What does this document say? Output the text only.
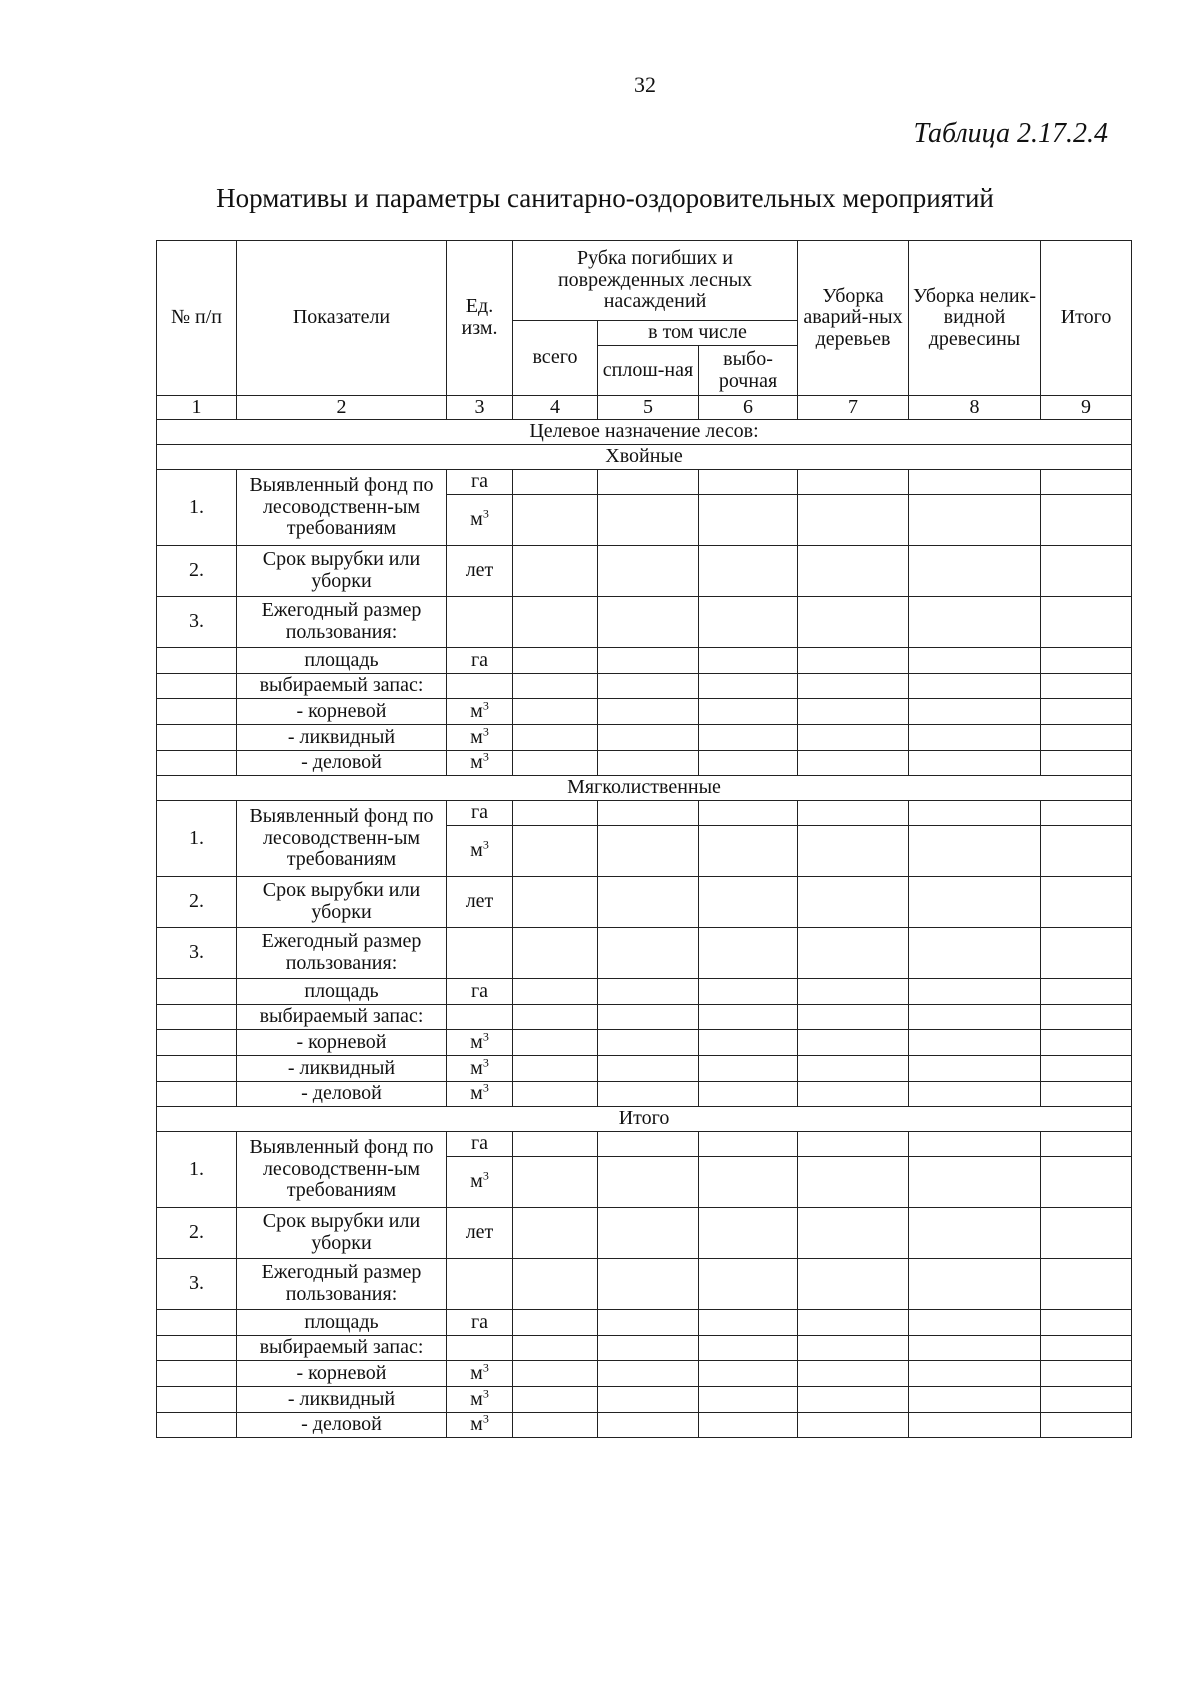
32
Таблица 2.17.2.4
Нормативы и параметры санитарно-оздоровительных мероприятий
№ п/п	Показатели	Ед. изм.	Рубка погибших и поврежденных лесных насаждений			Уборка аварий-ных деревьев	Уборка нелик-видной древесины	Итого
			всего	в том числе				
				сплош-ная	выбо-рочная			
1	2	3	4	5	6	7	8	9
Целевое назначение лесов:								
Хвойные								
1.	Выявленный фонд по лесоводственн-ым требованиям	га						
		$м^3$						
2.	Срок вырубки или уборки	лет						
3.	Ежегодный размер пользования:							
	площадь	га						
	выбираемый запас:							
	- корневой	$м^3$						
	- ликвидный	$м^3$						
	- деловой	$м^3$						
Мягколиственные								
1.	Выявленный фонд по лесоводственн-ым требованиям	га						
		$м^3$						
2.	Срок вырубки или уборки	лет						
3.	Ежегодный размер пользования:							
	площадь	га						
	выбираемый запас:							
	- корневой	$м^3$						
	- ликвидный	$м^3$						
	- деловой	$м^3$						
Итого								
1.	Выявленный фонд по лесоводственн-ым требованиям	га						
		$м^3$						
2.	Срок вырубки или уборки	лет						
3.	Ежегодный размер пользования:							
	площадь	га						
	выбираемый запас:							
	- корневой	$м^3$						
	- ликвидный	$м^3$						
	- деловой	$м^3$						
